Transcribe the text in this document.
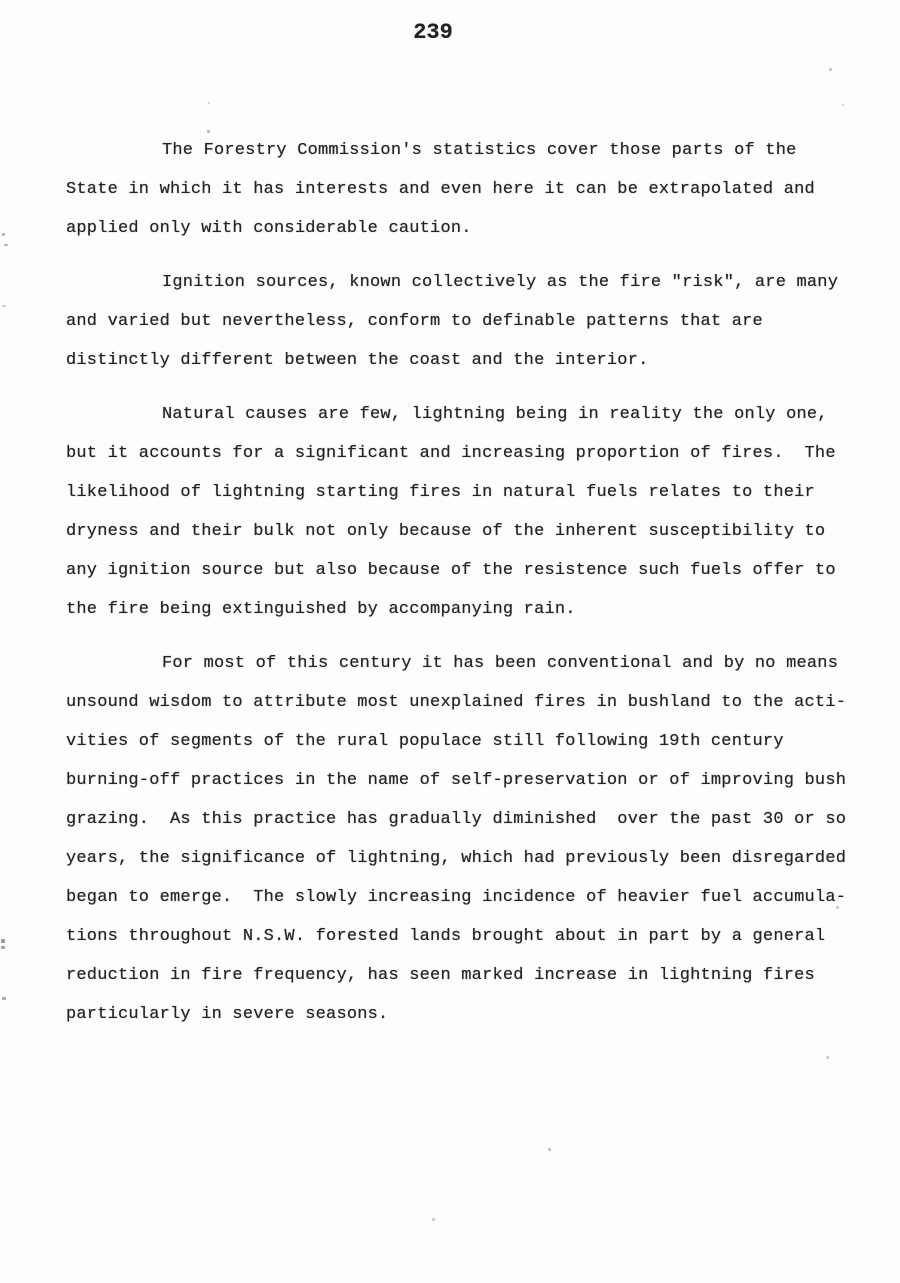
239
The Forestry Commission's statistics cover those parts of the
State in which it has interests and even here it can be extrapolated and
applied only with considerable caution.
Ignition sources, known collectively as the fire "risk", are many
and varied but nevertheless, conform to definable patterns that are
distinctly different between the coast and the interior.
Natural causes are few, lightning being in reality the only one,
but it accounts for a significant and increasing proportion of fires.  The
likelihood of lightning starting fires in natural fuels relates to their
dryness and their bulk not only because of the inherent susceptibility to
any ignition source but also because of the resistence such fuels offer to
the fire being extinguished by accompanying rain.
For most of this century it has been conventional and by no means
unsound wisdom to attribute most unexplained fires in bushland to the acti-
vities of segments of the rural populace still following 19th century
burning-off practices in the name of self-preservation or of improving bush
grazing.  As this practice has gradually diminished  over the past 30 or so
years, the significance of lightning, which had previously been disregarded
began to emerge.  The slowly increasing incidence of heavier fuel accumula-
tions throughout N.S.W. forested lands brought about in part by a general
reduction in fire frequency, has seen marked increase in lightning fires
particularly in severe seasons.
